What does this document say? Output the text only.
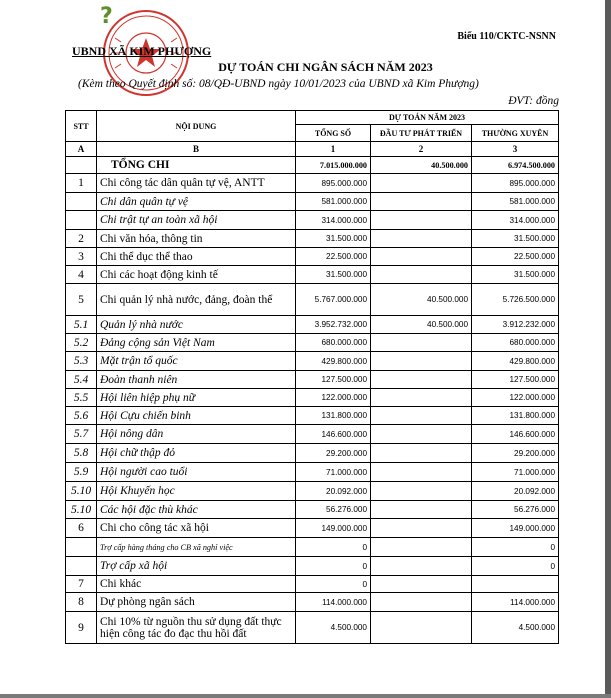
?
Biểu 110/CKTC-NSNN
UBND XÃ KIM PHƯỢNG
DỰ TOÁN CHI NGÂN SÁCH NĂM 2023
(Kèm theo Quyết định số: 08/QĐ-UBND ngày 10/01/2023 của UBND xã Kim Phượng)
ĐVT: đồng
STT	NỘI DUNG	DỰ TOÁN NĂM 2023		
		TỔNG SỐ	ĐẦU TƯ PHÁT TRIỂN	THƯỜNG XUYÊN
A	B	1	2	3
	TỔNG CHI	7.015.000.000	40.500.000	6.974.500.000
1	Chi công tác dân quân tự vệ, ANTT	895.000.000		895.000.000
	Chi dân quân tự vệ	581.000.000		581.000.000
	Chi trật tự an toàn xã hội	314.000.000		314.000.000
2	Chi văn hóa, thông tin	31.500.000		31.500.000
3	Chi thể dục thể thao	22.500.000		22.500.000
4	Chi các hoạt động kinh tế	31.500.000		31.500.000
5	Chi quản lý nhà nước, đảng, đoàn thể	5.767.000.000	40.500.000	5.726.500.000
5.1	Quản lý nhà nước	3.952.732.000	40.500.000	3.912.232.000
5.2	Đảng cộng sản Việt Nam	680.000.000		680.000.000
5.3	Mặt trận tổ quốc	429.800.000		429.800.000
5.4	Đoàn thanh niên	127.500.000		127.500.000
5.5	Hội liên hiệp phụ nữ	122.000.000		122.000.000
5.6	Hội Cựu chiến binh	131.800.000		131.800.000
5.7	Hội nông dân	146.600.000		146.600.000
5.8	Hội chữ thập đỏ	29.200.000		29.200.000
5.9	Hội người cao tuổi	71.000.000		71.000.000
5.10	Hội Khuyến học	20.092.000		20.092.000
5.10	Các hội đặc thù khác	56.276.000		56.276.000
6	Chi cho công tác xã hội	149.000.000		149.000.000
	Trợ cấp hàng tháng cho CB xã nghỉ việc	0		0
	Trợ cấp xã hội	0		0
7	Chi khác	0		
8	Dự phòng ngân sách	114.000.000		114.000.000
9	Chi 10% từ nguồn thu sử dụng đất thực hiện công tác đo đạc thu hồi đất	4.500.000		4.500.000
